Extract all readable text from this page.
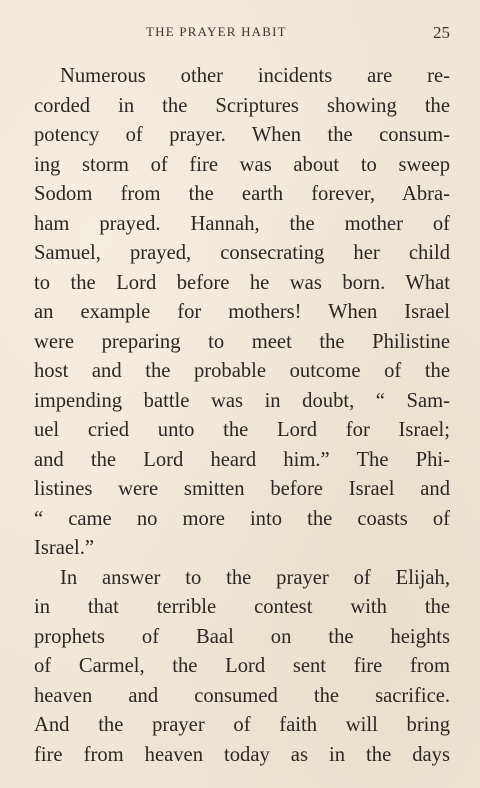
THE PRAYER HABIT	25
Numerous other incidents are re-
corded in the Scriptures showing the
potency of prayer. When the consum-
ing storm of fire was about to sweep
Sodom from the earth forever, Abra-
ham prayed. Hannah, the mother of
Samuel, prayed, consecrating her child
to the Lord before he was born. What
an example for mothers! When Israel
were preparing to meet the Philistine
host and the probable outcome of the
impending battle was in doubt, “ Sam-
uel cried unto the Lord for Israel;
and the Lord heard him.” The Phi-
listines were smitten before Israel and
“ came no more into the coasts of
Israel.”
In answer to the prayer of Elijah,
in that terrible contest with the
prophets of Baal on the heights
of Carmel, the Lord sent fire from
heaven and consumed the sacrifice.
And the prayer of faith will bring
fire from heaven today as in the days
